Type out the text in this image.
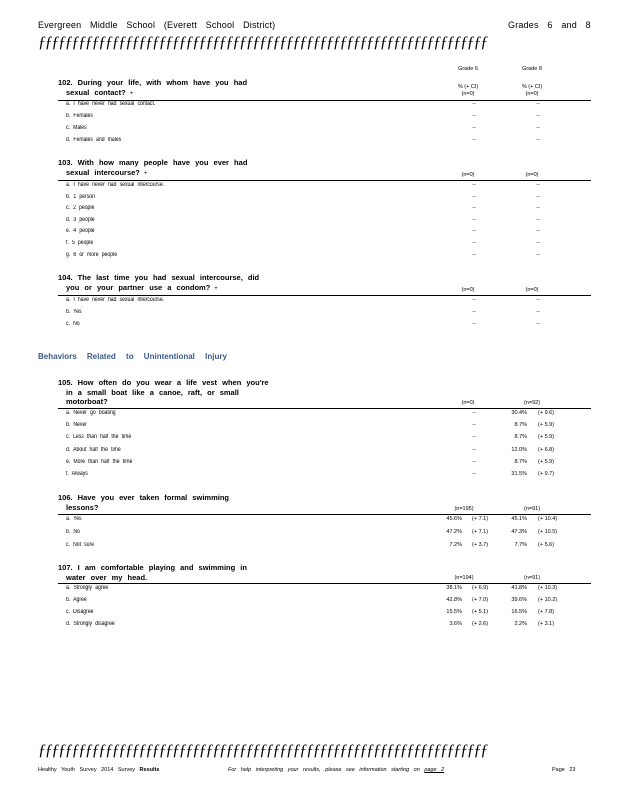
Evergreen Middle School (Everett School District)	Grades 6 and 8
ƒƒƒƒƒƒƒƒƒƒƒƒƒƒƒƒƒƒƒƒƒƒƒƒƒƒƒƒƒƒƒƒƒƒƒƒƒƒƒƒƒƒƒƒƒƒƒƒƒƒƒƒƒƒƒƒƒƒƒƒƒƒƒƒƒƒƒ
Grade 6	Grade 8
% (+ CI)	% (+ CI)
(n=0)	(n=0)
102. During your life, with whom have you had
sexual contact? +
a. I have never had sexual contact.	--	--
b. Females	--	--
c. Males	--	--
d. Females and males	--	--
103. With how many people have you ever had
sexual intercourse? +	(n=0)	(n=0)
a. I have never had sexual intercourse.	--	--
b. 1 person	--	--
c. 2 people	--	--
d. 3 people	--	--
e. 4 people	--	--
f. 5 people	--	--
g. 6 or more people	--	--
104. The last time you had sexual intercourse, did
you or your partner use a condom? +	(n=0)	(n=0)
a. I have never had sexual intercourse.	--	--
b. Yes	--	--
c. No	--	--
Behaviors Related to Unintentional Injury
105. How often do you wear a life vest when you're
in a small boat like a canoe, raft, or small
motorboat?	(n=0)	(n=92)
a. Never go boating	--	30.4% (+ 9.6)
b. Never	--	8.7% (+ 5.9)
c. Less than half the time	--	8.7% (+ 5.9)
d. About half the time	--	12.0% (+ 6.8)
e. More than half the time	--	8.7% (+ 5.9)
f. Always	--	31.5% (+ 9.7)
106. Have you ever taken formal swimming
lessons?	(n=195)	(n=91)
a. Yes	45.6% (+ 7.1)	45.1% (+ 10.4)
b. No	47.2% (+ 7.1)	47.3% (+ 10.5)
c. Not sure	7.2% (+ 3.7)	7.7% (+ 5.6)
107. I am comfortable playing and swimming in
water over my head.	(n=194)	(n=91)
a. Strongly agree	38.1% (+ 6.9)	41.8% (+ 10.3)
b. Agree	42.8% (+ 7.0)	39.6% (+ 10.2)
c. Disagree	15.5% (+ 5.1)	16.5% (+ 7.8)
d. Strongly disagree	3.6% (+ 2.6)	2.2% (+ 3.1)
ƒƒƒƒƒƒƒƒƒƒƒƒƒƒƒƒƒƒƒƒƒƒƒƒƒƒƒƒƒƒƒƒƒƒƒƒƒƒƒƒƒƒƒƒƒƒƒƒƒƒƒƒƒƒƒƒƒƒƒƒƒƒƒƒƒƒƒ
Healthy Youth Survey 2014 Survey Results	For help interpreting your results, please see information starting on page 2	Page 23
